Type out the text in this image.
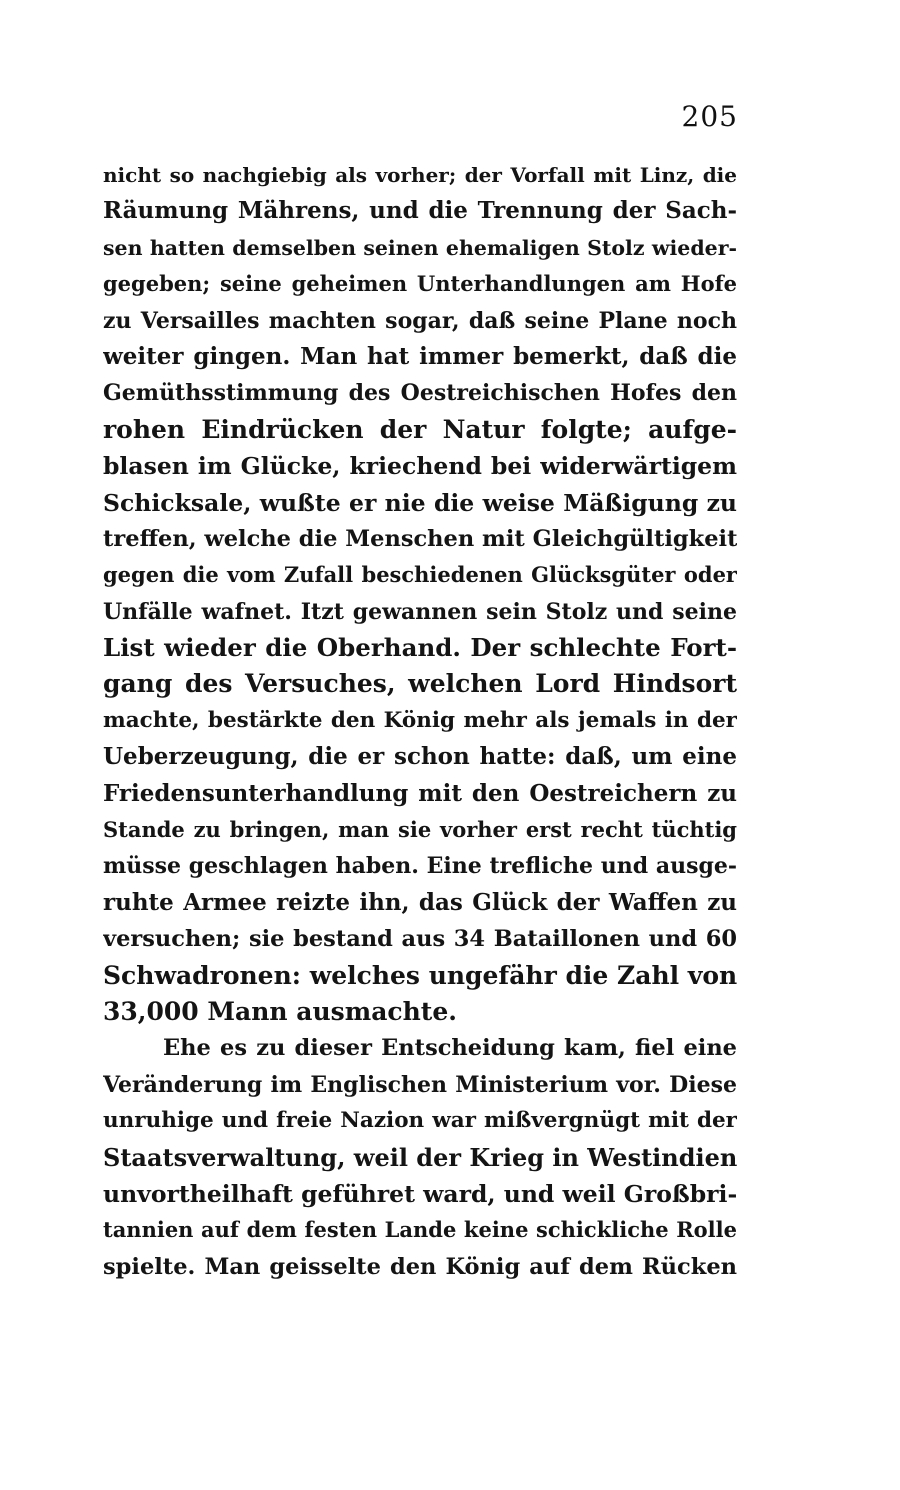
205
nicht so nachgiebig als vorher; der Vorfall mit Linz, die
Räumung Mährens, und die Trennung der Sach-
sen hatten demselben seinen ehemaligen Stolz wieder-
gegeben; seine geheimen Unterhandlungen am Hofe
zu Versailles machten sogar, daß seine Plane noch
weiter gingen. Man hat immer bemerkt, daß die
Gemüthsstimmung des Oestreichischen Hofes den
rohen Eindrücken der Natur folgte; aufge-
blasen im Glücke, kriechend bei widerwärtigem
Schicksale, wußte er nie die weise Mäßigung zu
treffen, welche die Menschen mit Gleichgültigkeit
gegen die vom Zufall beschiedenen Glücksgüter oder
Unfälle wafnet. Itzt gewannen sein Stolz und seine
List wieder die Oberhand. Der schlechte Fort-
gang des Versuches, welchen Lord Hindsort
machte, bestärkte den König mehr als jemals in der
Ueberzeugung, die er schon hatte: daß, um eine
Friedensunterhandlung mit den Oestreichern zu
Stande zu bringen, man sie vorher erst recht tüchtig
müsse geschlagen haben. Eine trefliche und ausge-
ruhte Armee reizte ihn, das Glück der Waffen zu
versuchen; sie bestand aus 34 Bataillonen und 60
Schwadronen: welches ungefähr die Zahl von
33,000 Mann ausmachte.
Ehe es zu dieser Entscheidung kam, fiel eine
Veränderung im Englischen Ministerium vor. Diese
unruhige und freie Nazion war mißvergnügt mit der
Staatsverwaltung, weil der Krieg in Westindien
unvortheilhaft geführet ward, und weil Großbri-
tannien auf dem festen Lande keine schickliche Rolle
spielte. Man geisselte den König auf dem Rücken
